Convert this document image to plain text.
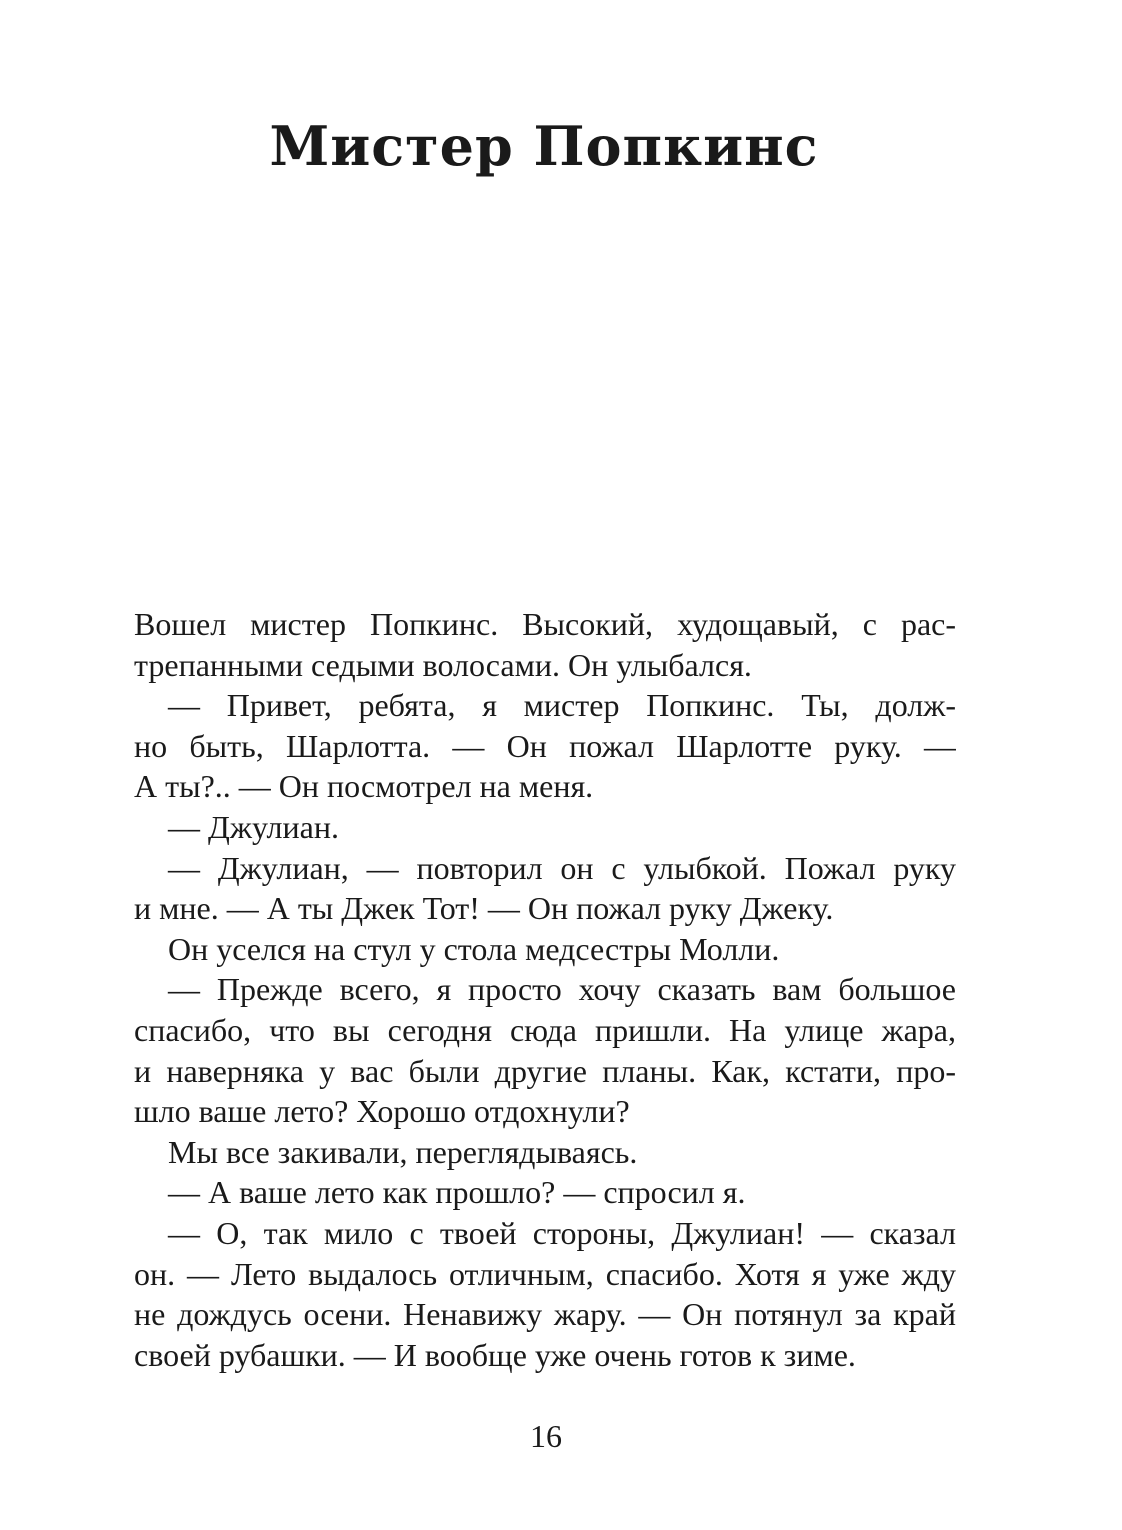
Мистер Попкинс
Вошел мистер Попкинс. Высокий, худощавый, с рас-
трепанными седыми волосами. Он улыбался.
— Привет, ребята, я мистер Попкинс. Ты, долж-
но быть, Шарлотта. — Он пожал Шарлотте руку. —
А ты?.. — Он посмотрел на меня.
— Джулиан.
— Джулиан, — повторил он с улыбкой. Пожал руку
и мне. — А ты Джек Тот! — Он пожал руку Джеку.
Он уселся на стул у стола медсестры Молли.
— Прежде всего, я просто хочу сказать вам большое
спасибо, что вы сегодня сюда пришли. На улице жара,
и наверняка у вас были другие планы. Как, кстати, про-
шло ваше лето? Хорошо отдохнули?
Мы все закивали, переглядываясь.
— А ваше лето как прошло? — спросил я.
— О, так мило с твоей стороны, Джулиан! — сказал
он. — Лето выдалось отличным, спасибо. Хотя я уже жду
не дождусь осени. Ненавижу жару. — Он потянул за край
своей рубашки. — И вообще уже очень готов к зиме.
16
